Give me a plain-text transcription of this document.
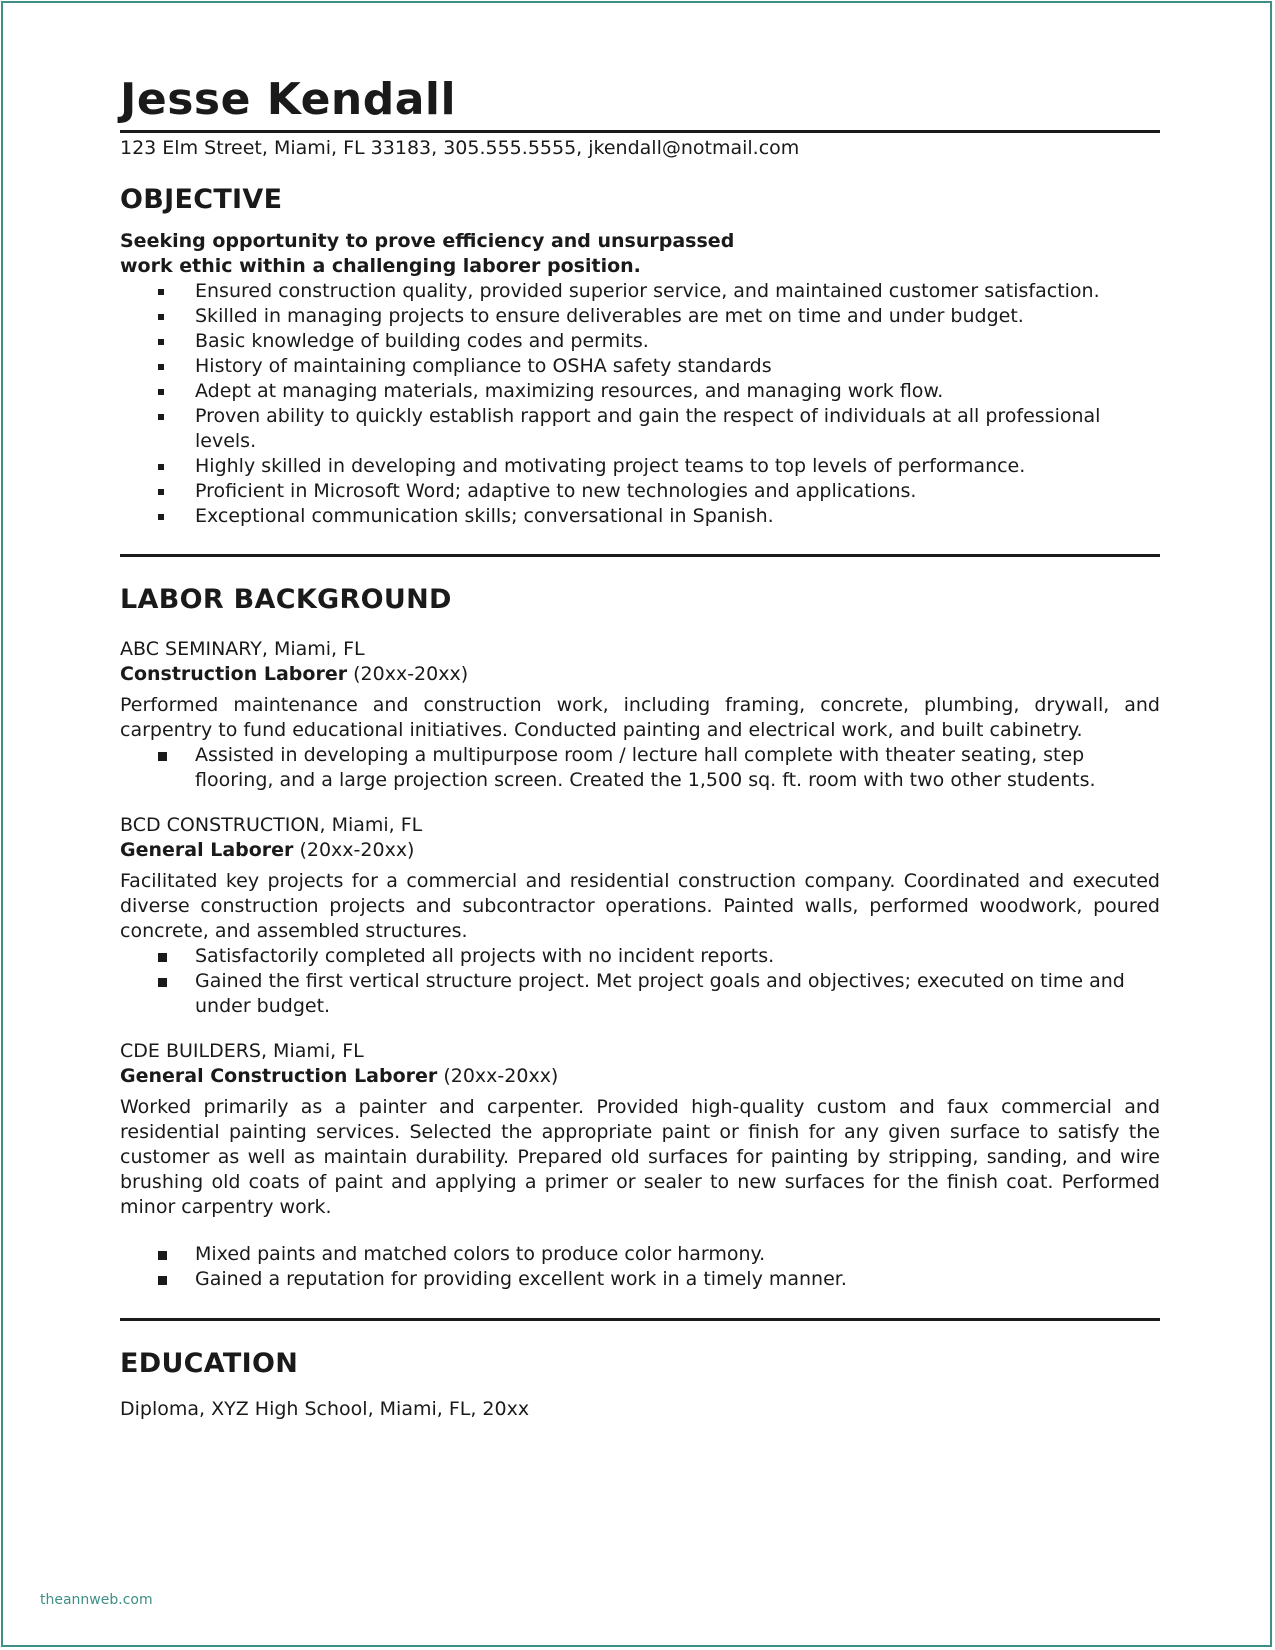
Jesse Kendall

123 Elm Street, Miami, FL 33183, 305.555.5555, jkendall@notmail.com

OBJECTIVE

Seeking opportunity to prove efficiency and unsurpassed
work ethic within a challenging laborer position.

Ensured construction quality, provided superior service, and maintained customer satisfaction.
Skilled in managing projects to ensure deliverables are met on time and under budget.
Basic knowledge of building codes and permits.
History of maintaining compliance to OSHA safety standards
Adept at managing materials, maximizing resources, and managing work flow.
Proven ability to quickly establish rapport and gain the respect of individuals at all professional levels.
Highly skilled in developing and motivating project teams to top levels of performance.
Proficient in Microsoft Word; adaptive to new technologies and applications.
Exceptional communication skills; conversational in Spanish.
LABOR BACKGROUND

ABC SEMINARY, Miami, FL

Construction Laborer (20xx-20xx)

Performed maintenance and construction work, including framing, concrete, plumbing, drywall, and carpentry to fund educational initiatives. Conducted painting and electrical work, and built cabinetry.

Assisted in developing a multipurpose room / lecture hall complete with theater seating, step flooring, and a large projection screen. Created the 1,500 sq. ft. room with two other students.

BCD CONSTRUCTION, Miami, FL

General Laborer (20xx-20xx)

Facilitated key projects for a commercial and residential construction company. Coordinated and executed diverse construction projects and subcontractor operations. Painted walls, performed woodwork, poured concrete, and assembled structures.

Satisfactorily completed all projects with no incident reports.
Gained the first vertical structure project. Met project goals and objectives; executed on time and under budget.

CDE BUILDERS, Miami, FL

General Construction Laborer (20xx-20xx)

Worked primarily as a painter and carpenter. Provided high-quality custom and faux commercial and residential painting services. Selected the appropriate paint or finish for any given surface to satisfy the customer as well as maintain durability. Prepared old surfaces for painting by stripping, sanding, and wire brushing old coats of paint and applying a primer or sealer to new surfaces for the finish coat. Performed minor carpentry work.

Mixed paints and matched colors to produce color harmony.
Gained a reputation for providing excellent work in a timely manner.
EDUCATION

Diploma, XYZ High School, Miami, FL, 20xx

theannweb.com
